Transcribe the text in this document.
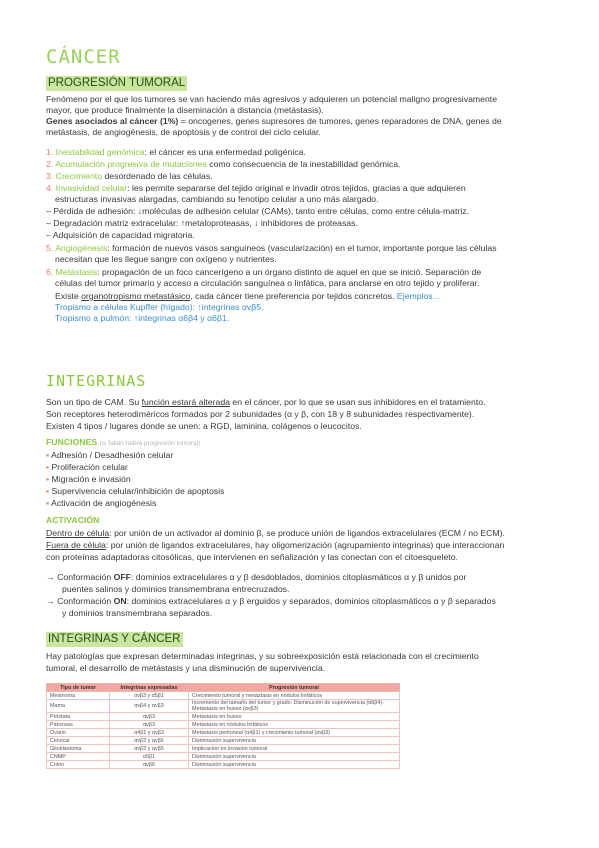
CÁNCER
PROGRESIÓN TUMORAL
Fenómeno por el que los tumores se van haciendo más agresivos y adquieren un potencial maligno progresivamente
mayor, que produce finalmente la diseminación a distancia (metástasis).
Genes asociados al cáncer (1%) = oncogenes, genes supresores de tumores, genes reparadores de DNA, genes de
metástasis, de angiogénesis, de apoptosis y de control del ciclo celular.
1. Inestabilidad genómica: el cáncer es una enfermedad poligénica.
2. Acumulación progresiva de mutaciones como consecuencia de la inestabilidad genómica.
3. Crecimiento desordenado de las células.
4. Invasividad celular: les permite separarse del tejido original e invadir otros tejidos, gracias a que adquieren
estructuras invasivas alargadas, cambiando su fenotipo celular a uno más alargado.
– Pérdida de adhesión: ↓moléculas de adhesión celular (CAMs), tanto entre células, como entre célula-matriz.
– Degradación matriz extracelular: ↑metaloproteasas, ↓ inhibidores de proteasas.
– Adquisición de capacidad migratoria.
5. Angiogénesis: formación de nuevos vasos sanguíneos (vascularización) en el tumor, importante porque las células
necesitan que les llegue sangre con oxígeno y nutrientes.
6. Metástasis: propagación de un foco cancerígeno a un órgano distinto de aquel en que se inició. Separación de
células del tumor primario y acceso a circulación sanguínea o linfática, para anclarse en otro tejido y proliferar.
Existe organotropismo metastásico, cada cáncer tiene preferencia por tejidos concretos. Ejemplos…
Tropismo a células Kupffer (hígado): ↑integrinas αvβ5.
Tropismo a pulmón: ↑integrinas α6β4 y α6β1.
INTEGRINAS
Son un tipo de CAM. Su función estará alterada en el cáncer, por lo que se usan sus inhibidores en el tratamiento.
Son receptores heterodiméricos formados por 2 subunidades (α y β, con 18 y 8 subunidades respectivamente).
Existen 4 tipos / lugares donde se unen: a RGD, laminina, colágenos o leucocitos.
FUNCIONES (si fallan habrá progresión tumoral)
▪ Adhesión / Desadhesión celular
▪ Proliferación celular
▪ Migración e invasión
▪ Supervivencia celular/inhibición de apoptosis
▪ Activación de angiogénesis
ACTIVACIÓN
Dentro de célula: por unión de un activador al dominio β, se produce unión de ligandos extracelulares (ECM / no ECM).
Fuera de célula: por unión de ligandos extracelulares, hay oligomerización (agrupamiento integrinas) que interaccionan
con proteínas adaptadoras citosólicas, que intervienen en señalización y las conectan con el citoesqueleto.
→ Conformación OFF: dominios extracelulares α y β desdoblados, dominios citoplasmáticos α y β unidos por
puentes salinos y dominios transmembrana entrecruzados.
→ Conformación ON: dominios extracelulares α y β erguidos y separados, dominios citoplasmáticos α y β separados
y dominios transmembrana separados.
INTEGRINAS Y CÁNCER
Hay patologías que expresan determinadas integrinas, y su sobreexposición está relacionada con el crecimiento
tumoral, el desarrollo de metástasis y una disminución de supervivencia.
Tipo de tumor	Integrinas expresadas	Progresión tumoral
Melanoma	αvβ3 y α5β1	Crecimiento tumoral y metástasis en nódulos linfáticos
Mama	αvβ4 y αvβ3	Incremento del tamaño del tumor y grado. Disminución de supervivencia (α6β4). Metástasis en hueso (αvβ3)
Próstata	αvβ3	Metástasis en hueso
Páncreas	αvβ3	Metástasis en nódulos linfáticos
Ovario	α4β1 y αvβ3	Metástasis peritoneal (α4β1) y crecimiento tumoral (αvβ3)
Cervical	αvβ3 y αvβ6	Disminución supervivencia
Glioblastoma	αvβ3 y αvβ5	Implicación en invasión tumoral
CNMP	α5β1	Disminución supervivencia
Colon	αvβ6	Disminución supervivencia
